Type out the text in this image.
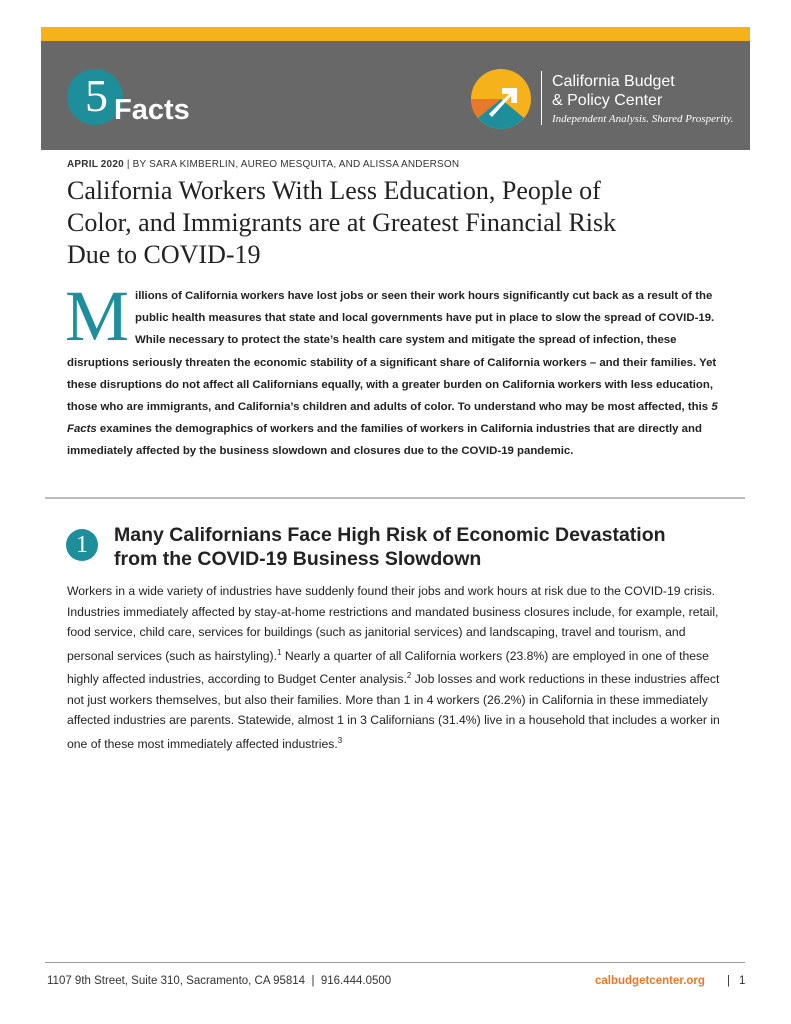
5 Facts
California Budget
& Policy Center
Independent Analysis. Shared Prosperity.
APRIL 2020 | BY SARA KIMBERLIN, AUREO MESQUITA, AND ALISSA ANDERSON
California Workers With Less Education, People of
Color, and Immigrants are at Greatest Financial Risk
Due to COVID-19

Millions of California workers have lost jobs or seen their work hours significantly cut back as a result of the public health measures that state and local governments have put in place to slow the spread of COVID-19. While necessary to protect the state’s health care system and mitigate the spread of infection, these disruptions seriously threaten the economic stability of a significant share of California workers – and their families. Yet these disruptions do not affect all Californians equally, with a greater burden on California workers with less education, those who are immigrants, and California’s children and adults of color. To understand who may be most affected, this 5 Facts examines the demographics of workers and the families of workers in California industries that are directly and immediately affected by the business slowdown and closures due to the COVID-19 pandemic.

1	Many Californians Face High Risk of Economic Devastation
from the COVID-19 Business Slowdown

Workers in a wide variety of industries have suddenly found their jobs and work hours at risk due to the COVID-19 crisis. Industries immediately affected by stay-at-home restrictions and mandated business closures include, for example, retail, food service, child care, services for buildings (such as janitorial services) and landscaping, travel and tourism, and personal services (such as hairstyling).$^1$ Nearly a quarter of all California workers (23.8%) are employed in one of these highly affected industries, according to Budget Center analysis.$^2$ Job losses and work reductions in these industries affect not just workers themselves, but also their families. More than 1 in 4 workers (26.2%) in California in these immediately affected industries are parents. Statewide, almost 1 in 3 Californians (31.4%) live in a household that includes a worker in one of these most immediately affected industries.$^3$

1107 9th Street, Suite 310, Sacramento, CA 95814  |  916.444.0500	calbudgetcenter.org | 1
